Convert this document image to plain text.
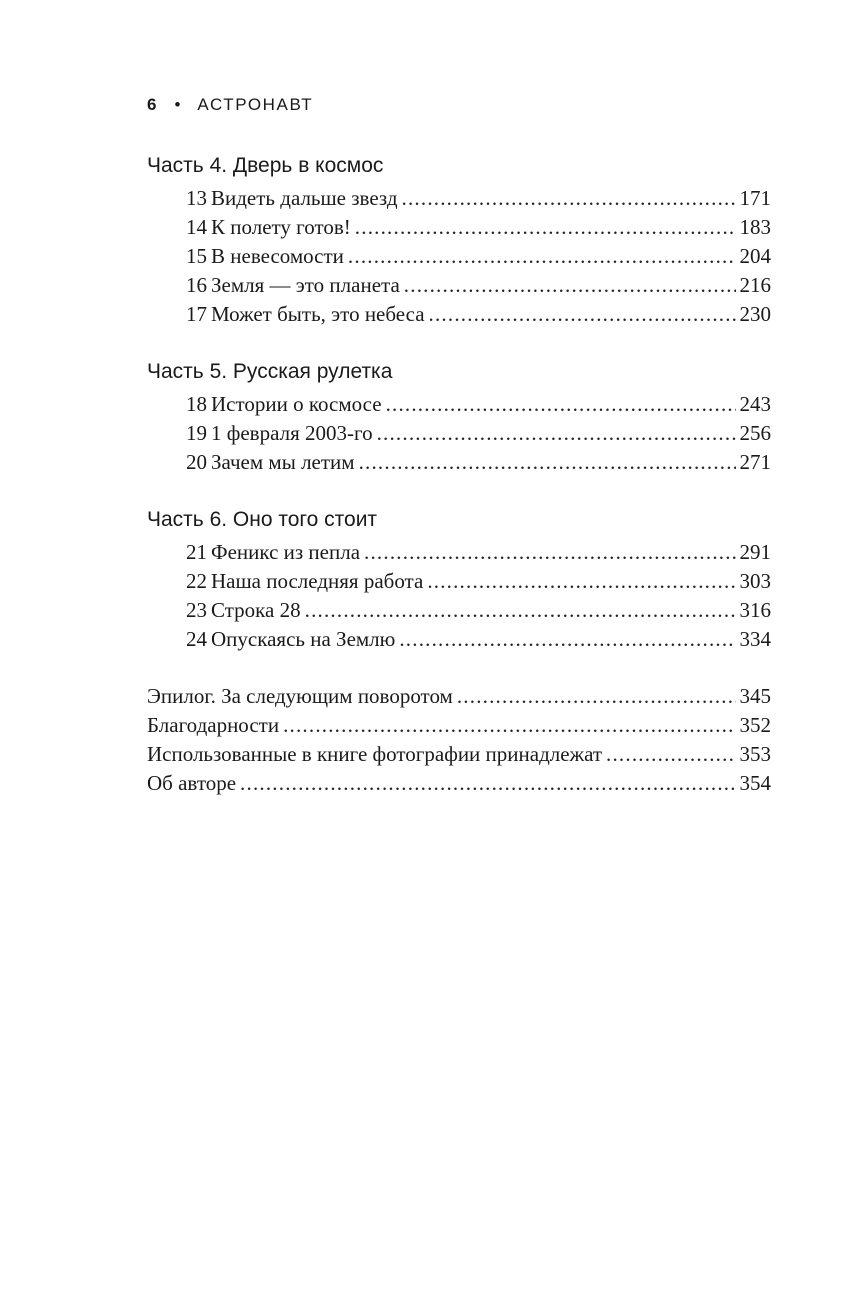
6 • АСТРОНАВТ
Часть 4. Дверь в космос
13 Видеть дальше звезд .....	171
14 К полету готов! .....	183
15 В невесомости .....	204
16 Земля — это планета .....	216
17 Может быть, это небеса .....	230
Часть 5. Русская рулетка
18 Истории о космосе .....	243
19 1 февраля 2003-го .....	256
20 Зачем мы летим .....	271
Часть 6. Оно того стоит
21 Феникс из пепла .....	291
22 Наша последняя работа .....	303
23 Строка 28 .....	316
24 Опускаясь на Землю .....	334
Эпилог. За следующим поворотом .....	345
Благодарности .....	352
Использованные в книге фотографии принадлежат .....	353
Об авторе .....	354
